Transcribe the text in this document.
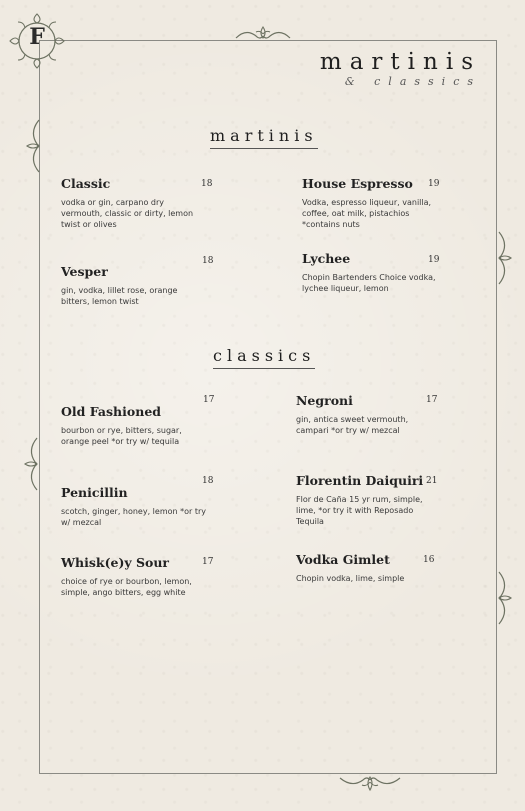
F
martinis
& classics
martinis
Classic
vodka or gin, carpano dry vermouth, classic or dirty, lemon twist or olives
18	House Espresso
Vodka, espresso liqueur, vanilla, coffee, oat milk, pistachios *contains nuts
19
Vesper
gin, vodka, lillet rose, orange bitters, lemon twist
18	Lychee
Chopin Bartenders Choice vodka, lychee liqueur, lemon
19
classics
Old Fashioned
bourbon or rye, bitters, sugar, orange peel *or try w/ tequila
17	Negroni
gin, antica sweet vermouth, campari *or try w/ mezcal
17
Penicillin
scotch, ginger, honey, lemon *or try w/ mezcal
18	Florentin Daiquiri
Flor de Caña 15 yr rum, simple, lime, *or try it with Reposado Tequila
21
Whisk(e)y Sour
choice of rye or bourbon, lemon, simple, ango bitters, egg white
17	Vodka Gimlet
Chopin vodka, lime, simple
16
